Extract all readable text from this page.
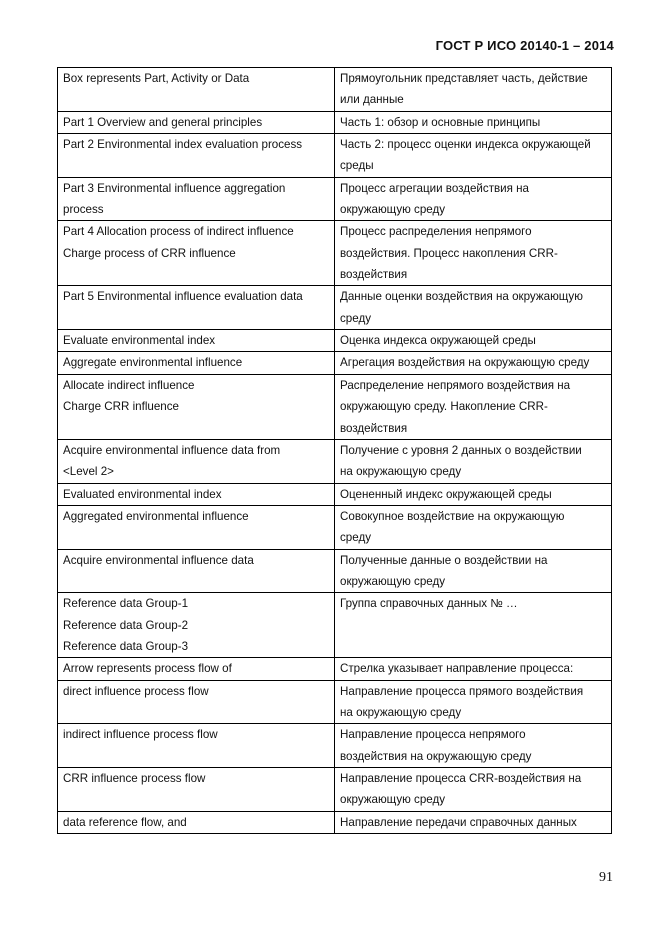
ГОСТ Р ИСО 20140-1 – 2014
Box represents Part, Activity or Data	Прямоугольник представляет часть, действие
или данные

Part 1 Overview and general principles	Часть 1: обзор и основные принципы

Part 2 Environmental index evaluation process	Часть 2: процесс оценки индекса окружающей
среды

Part 3 Environmental influence aggregation
process	Процесс агрегации воздействия на
окружающую среду

Part 4 Allocation process of indirect influence
Charge process of CRR influence	Процесс распределения непрямого
воздействия. Процесс накопления CRR-
воздействия

Part 5 Environmental influence evaluation data	Данные оценки воздействия на окружающую
среду

Evaluate environmental index	Оценка индекса окружающей среды

Aggregate environmental influence	Агрегация воздействия на окружающую среду

Allocate indirect influence
Charge CRR influence	Распределение непрямого воздействия на
окружающую среду. Накопление CRR-
воздействия

Acquire environmental influence data from
<Level 2>	Получение с уровня 2 данных о воздействии
на окружающую среду

Evaluated environmental index	Оцененный индекс окружающей среды

Aggregated environmental influence	Совокупное воздействие на окружающую
среду

Acquire environmental influence data	Полученные данные о воздействии на
окружающую среду

Reference data Group-1
Reference data Group-2
Reference data Group-3	Группа справочных данных № …

Arrow represents process flow of	Стрелка указывает направление процесса:

direct influence process flow	Направление процесса прямого воздействия
на окружающую среду

indirect influence process flow	Направление процесса непрямого
воздействия на окружающую среду

CRR influence process flow	Направление процесса CRR-воздействия на
окружающую среду

data reference flow, and	Направление передачи справочных данных
91
